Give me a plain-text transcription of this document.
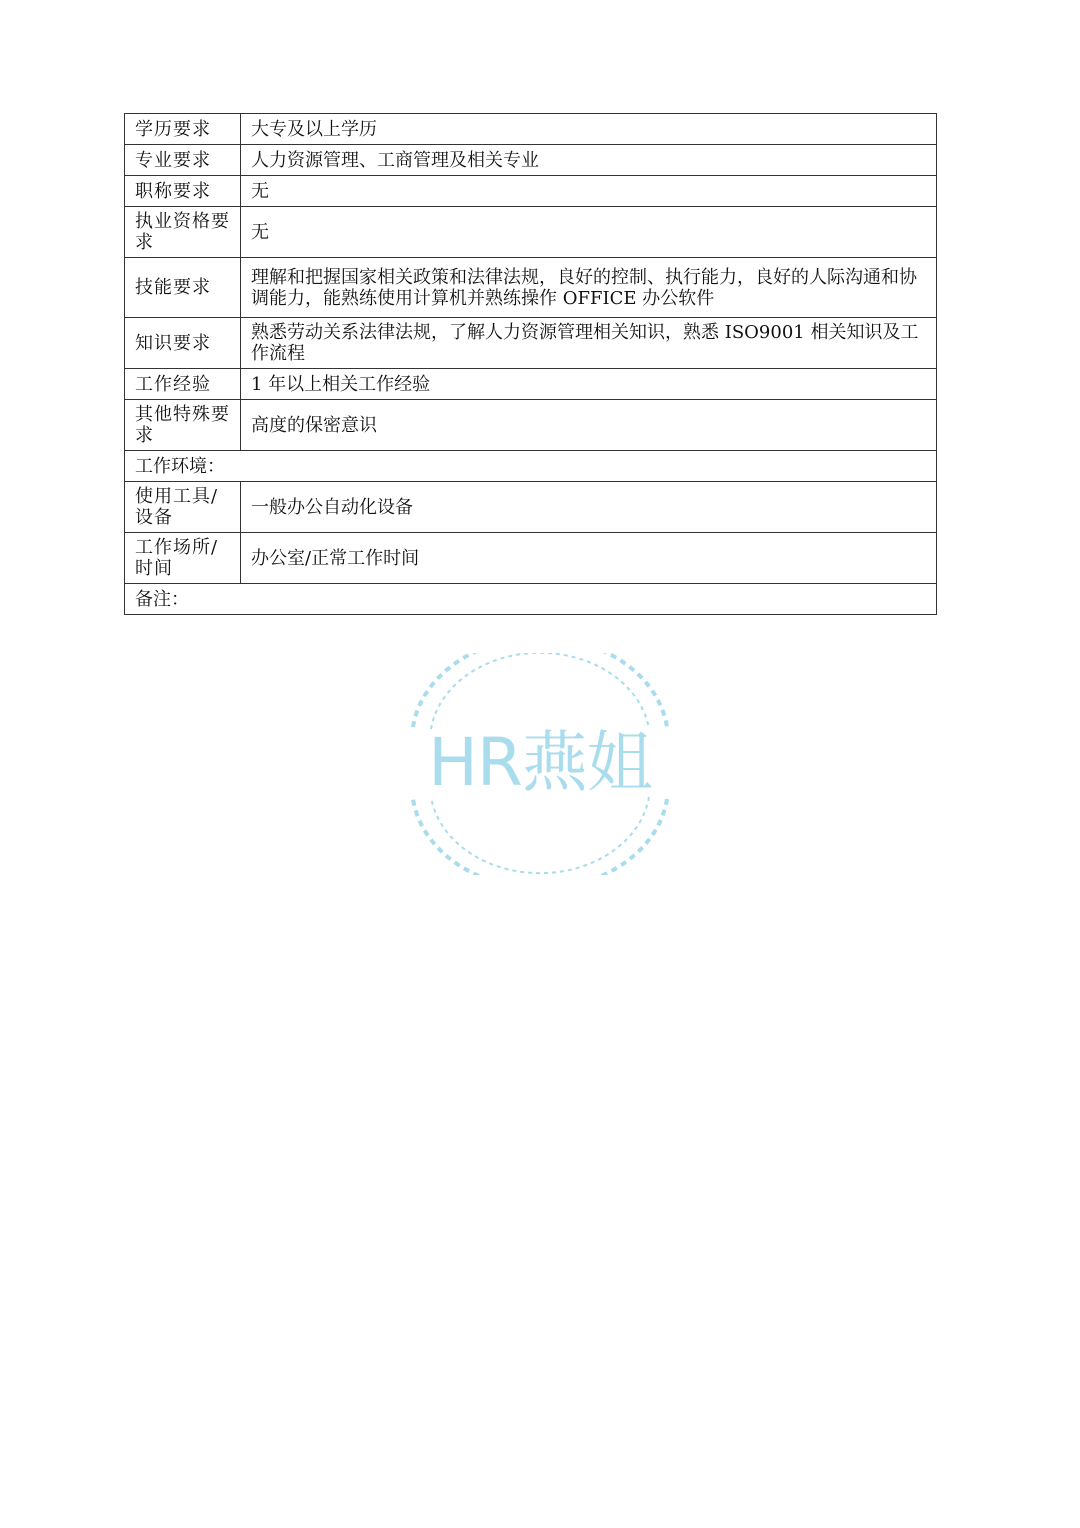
学历要求	大专及以上学历
专业要求	人力资源管理、工商管理及相关专业
职称要求	无
执业资格要求	无
技能要求	理解和把握国家相关政策和法律法规，良好的控制、执行能力，良好的人际沟通和协调能力，能熟练使用计算机并熟练操作 OFFICE 办公软件
知识要求	熟悉劳动关系法律法规，了解人力资源管理相关知识，熟悉 ISO9001 相关知识及工作流程
工作经验	1 年以上相关工作经验
其他特殊要求	高度的保密意识
工作环境：	
使用工具/设备	一般办公自动化设备
工作场所/时间	办公室/正常工作时间
备注：	
HR燕姐
